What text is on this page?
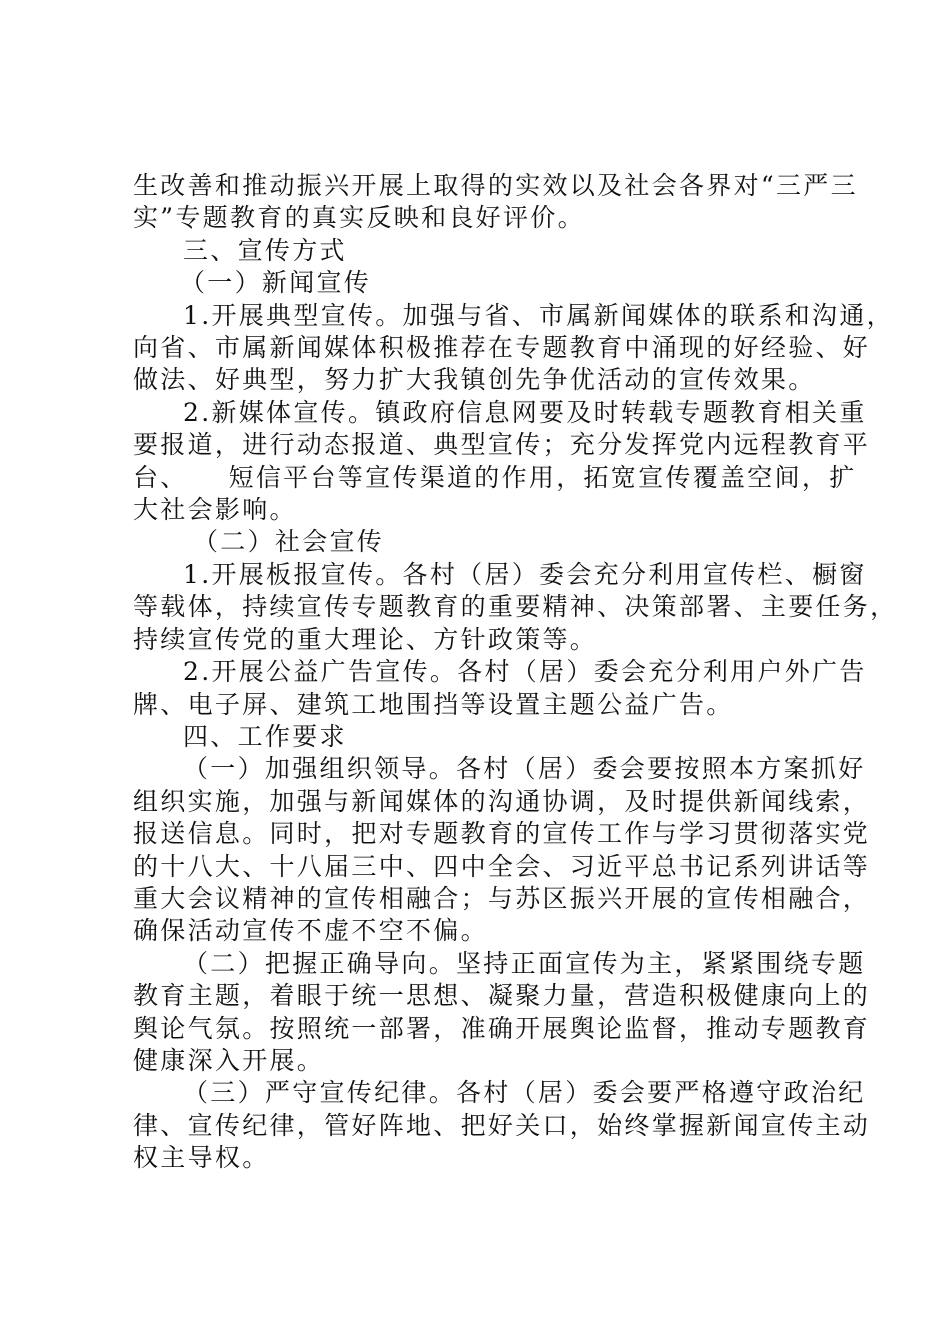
生改善和推动振兴开展上取得的实效以及社会各界对“三严三
实”专题教育的真实反映和良好评价。
三、宣传方式
（一）新闻宣传
1.开展典型宣传。加强与省、市属新闻媒体的联系和沟通，
向省、市属新闻媒体积极推荐在专题教育中涌现的好经验、好
做法、好典型，努力扩大我镇创先争优活动的宣传效果。
2.新媒体宣传。镇政府信息网要及时转载专题教育相关重
要报道，进行动态报道、典型宣传；充分发挥党内远程教育平
台、    短信平台等宣传渠道的作用，拓宽宣传覆盖空间，扩
大社会影响。
（二）社会宣传
1.开展板报宣传。各村（居）委会充分利用宣传栏、橱窗
等载体，持续宣传专题教育的重要精神、决策部署、主要任务，
持续宣传党的重大理论、方针政策等。
2.开展公益广告宣传。各村（居）委会充分利用户外广告
牌、电子屏、建筑工地围挡等设置主题公益广告。
四、工作要求
（一）加强组织领导。各村（居）委会要按照本方案抓好
组织实施，加强与新闻媒体的沟通协调，及时提供新闻线索，
报送信息。同时，把对专题教育的宣传工作与学习贯彻落实党
的十八大、十八届三中、四中全会、习近平总书记系列讲话等
重大会议精神的宣传相融合；与苏区振兴开展的宣传相融合，
确保活动宣传不虚不空不偏。
（二）把握正确导向。坚持正面宣传为主，紧紧围绕专题
教育主题，着眼于统一思想、凝聚力量，营造积极健康向上的
舆论气氛。按照统一部署，准确开展舆论监督，推动专题教育
健康深入开展。
（三）严守宣传纪律。各村（居）委会要严格遵守政治纪
律、宣传纪律，管好阵地、把好关口，始终掌握新闻宣传主动
权主导权。
